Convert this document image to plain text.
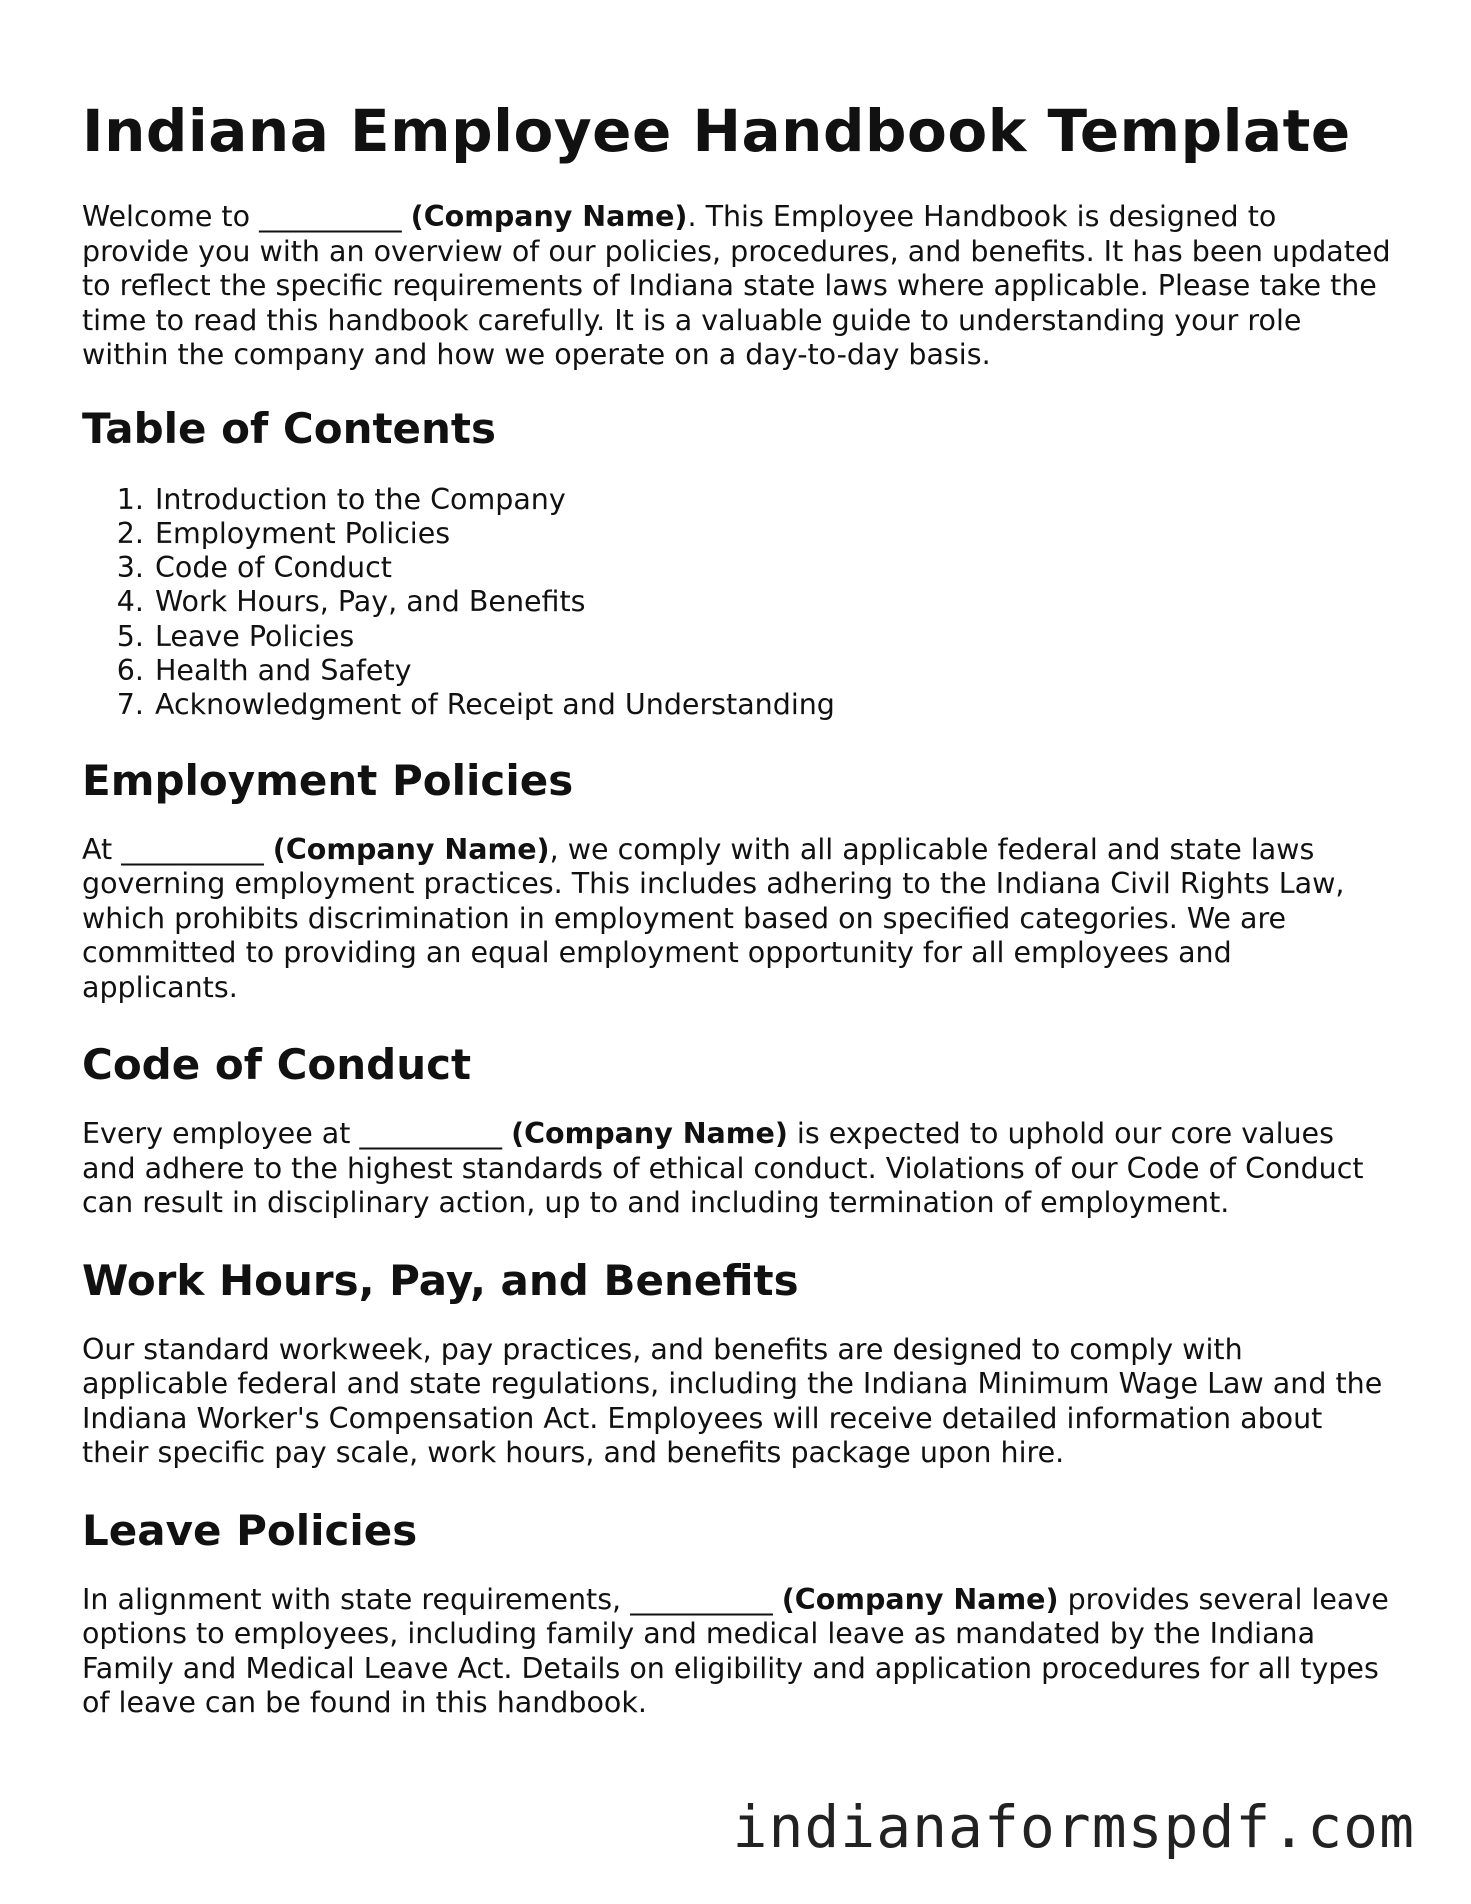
Indiana Employee Handbook Template

Welcome to __________ (Company Name). This Employee Handbook is designed to provide you with an overview of our policies, procedures, and benefits. It has been updated to reflect the specific requirements of Indiana state laws where applicable. Please take the time to read this handbook carefully. It is a valuable guide to understanding your role within the company and how we operate on a day-to-day basis.

Table of Contents
1. Introduction to the Company
2. Employment Policies
3. Code of Conduct
4. Work Hours, Pay, and Benefits
5. Leave Policies
6. Health and Safety
7. Acknowledgment of Receipt and Understanding
Employment Policies

At __________ (Company Name), we comply with all applicable federal and state laws governing employment practices. This includes adhering to the Indiana Civil Rights Law, which prohibits discrimination in employment based on specified categories. We are committed to providing an equal employment opportunity for all employees and applicants.

Code of Conduct

Every employee at __________ (Company Name) is expected to uphold our core values and adhere to the highest standards of ethical conduct. Violations of our Code of Conduct can result in disciplinary action, up to and including termination of employment.

Work Hours, Pay, and Benefits

Our standard workweek, pay practices, and benefits are designed to comply with applicable federal and state regulations, including the Indiana Minimum Wage Law and the Indiana Worker's Compensation Act. Employees will receive detailed information about their specific pay scale, work hours, and benefits package upon hire.

Leave Policies

In alignment with state requirements, __________ (Company Name) provides several leave options to employees, including family and medical leave as mandated by the Indiana Family and Medical Leave Act. Details on eligibility and application procedures for all types of leave can be found in this handbook.

indianaformspdf.com
